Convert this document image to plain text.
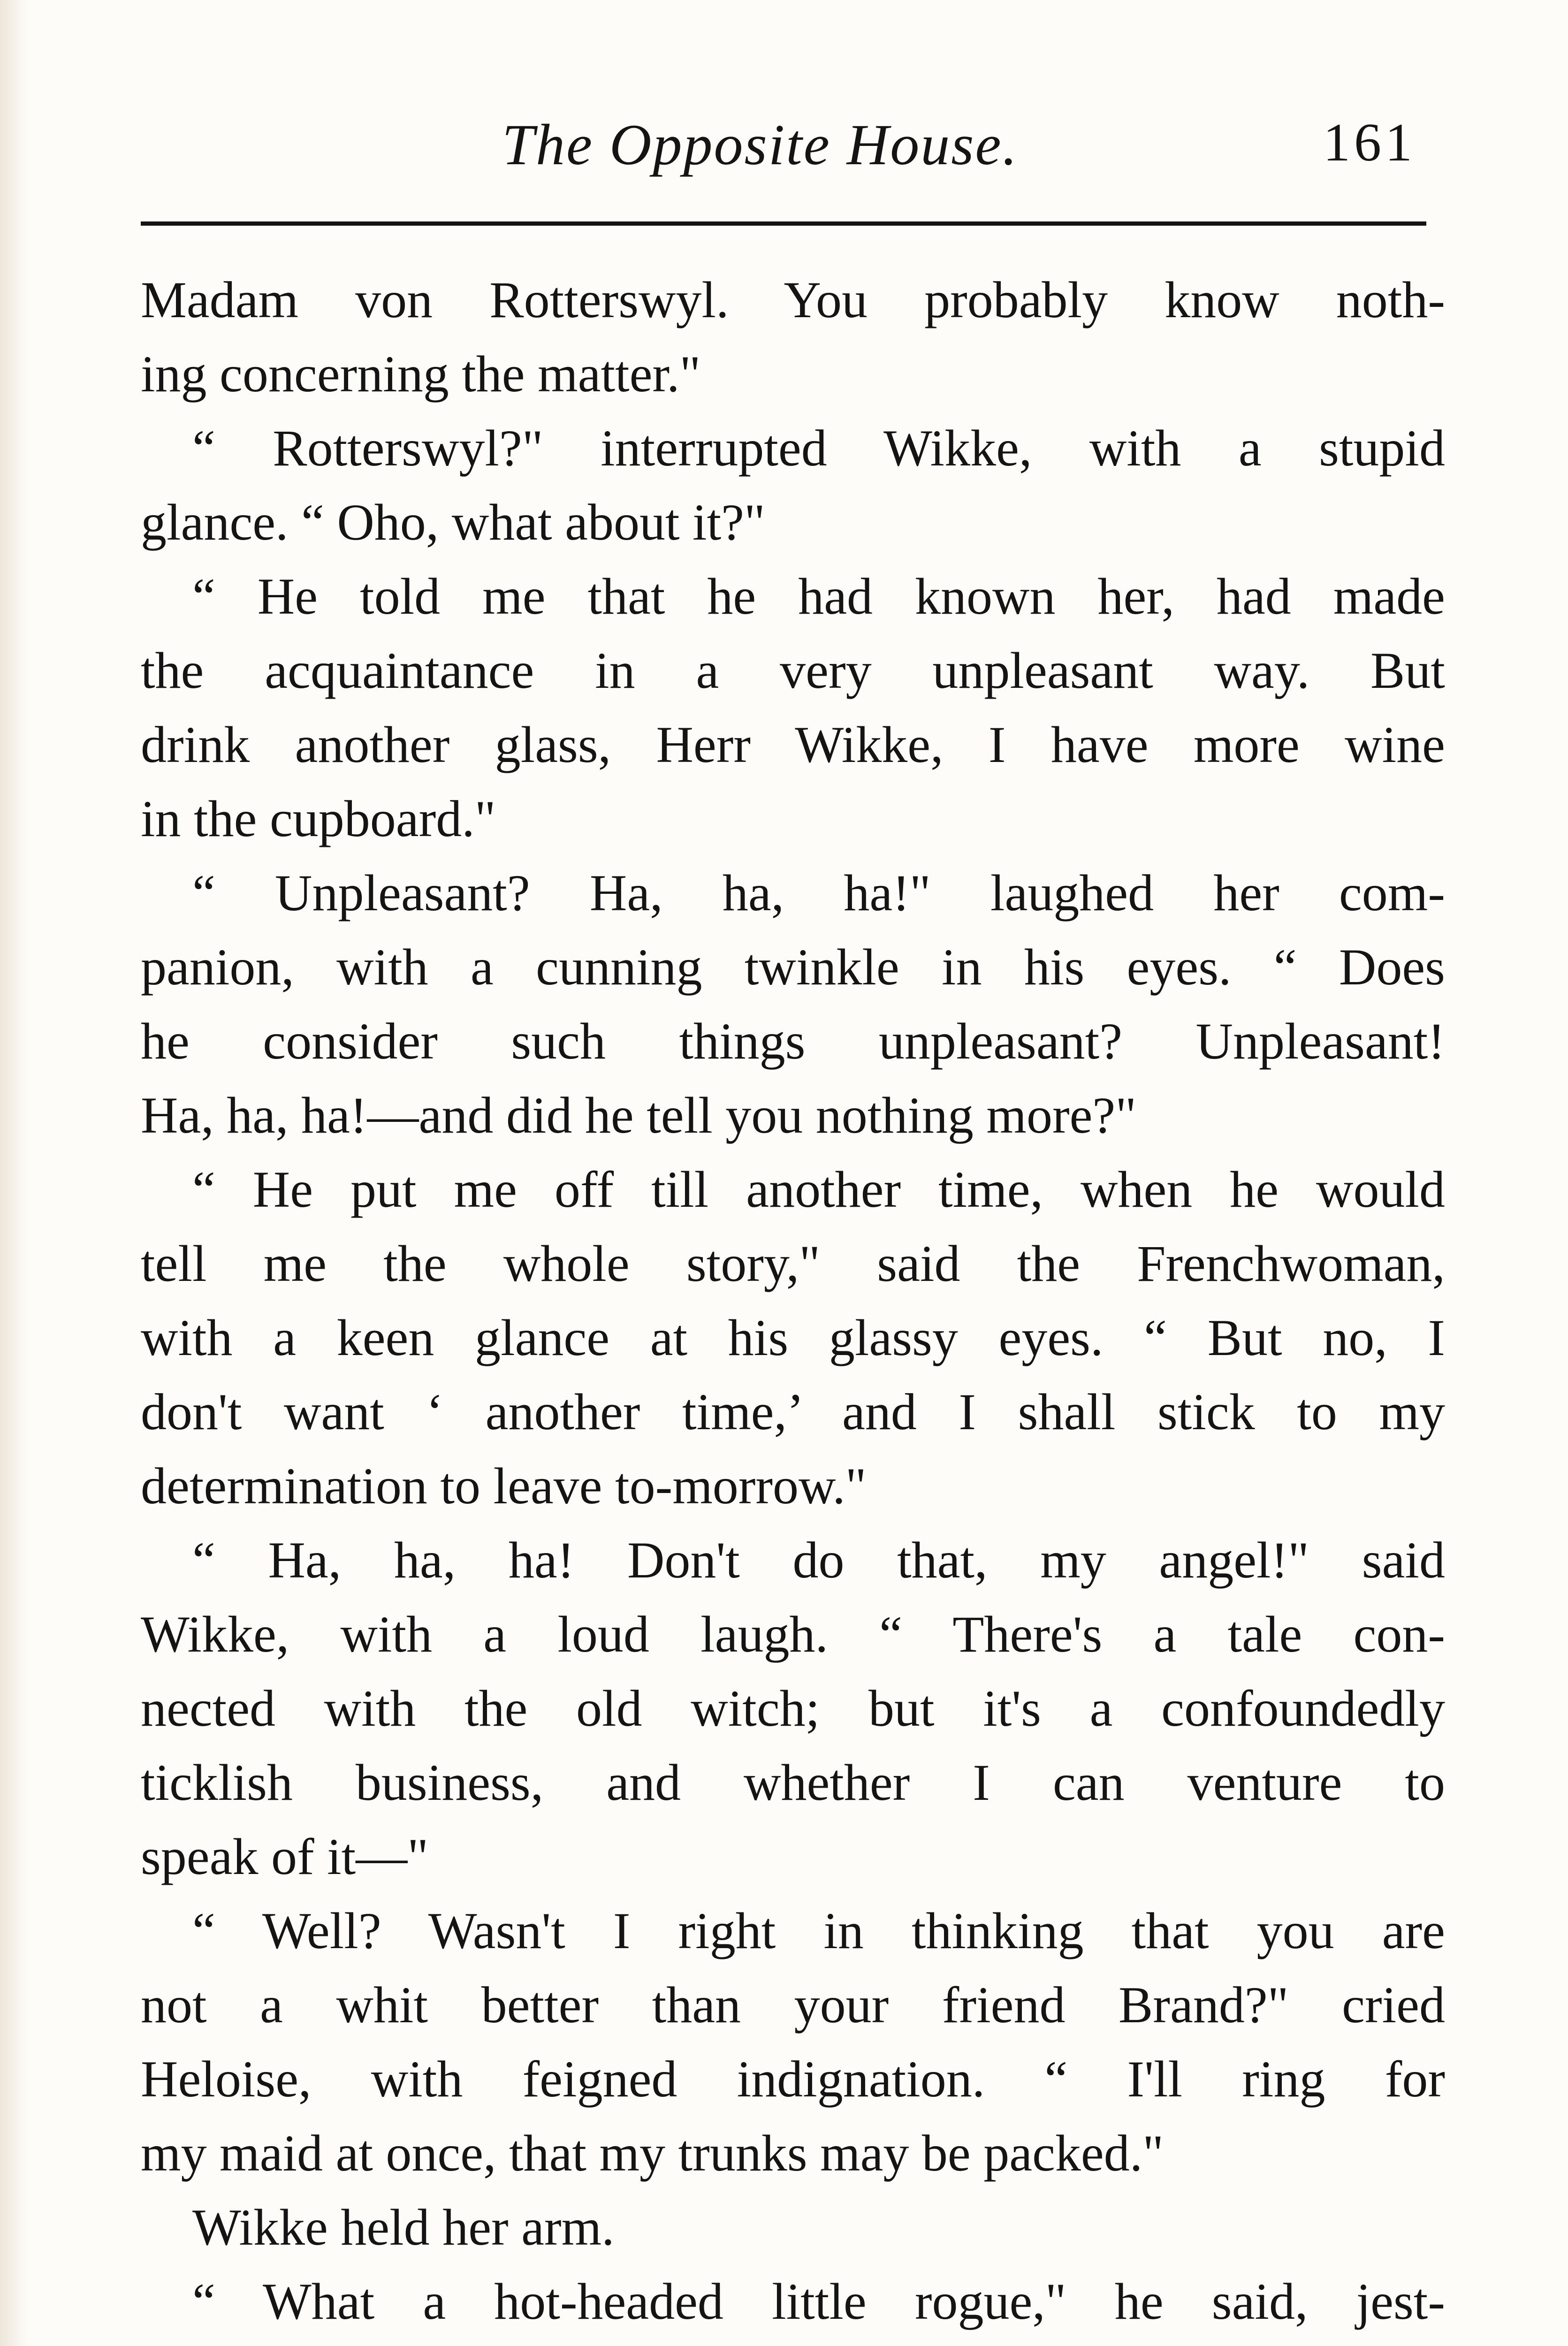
The Opposite House.	161
Madam von Rotterswyl. You probably know noth-
ing concerning the matter."
“ Rotterswyl?" interrupted Wikke, with a stupid
glance. “ Oho, what about it?"
“ He told me that he had known her, had made
the acquaintance in a very unpleasant way. But
drink another glass, Herr Wikke, I have more wine
in the cupboard."
“ Unpleasant? Ha, ha, ha!" laughed her com-
panion, with a cunning twinkle in his eyes. “ Does
he consider such things unpleasant? Unpleasant!
Ha, ha, ha!—and did he tell you nothing more?"
“ He put me off till another time, when he would
tell me the whole story," said the Frenchwoman,
with a keen glance at his glassy eyes. “ But no, I
don't want ‘ another time,’ and I shall stick to my
determination to leave to-morrow."
“ Ha, ha, ha! Don't do that, my angel!" said
Wikke, with a loud laugh. “ There's a tale con-
nected with the old witch; but it's a confoundedly
ticklish business, and whether I can venture to
speak of it—"
“ Well? Wasn't I right in thinking that you are
not a whit better than your friend Brand?" cried
Heloise, with feigned indignation. “ I'll ring for
my maid at once, that my trunks may be packed."
Wikke held her arm.
“ What a hot-headed little rogue," he said, jest-
